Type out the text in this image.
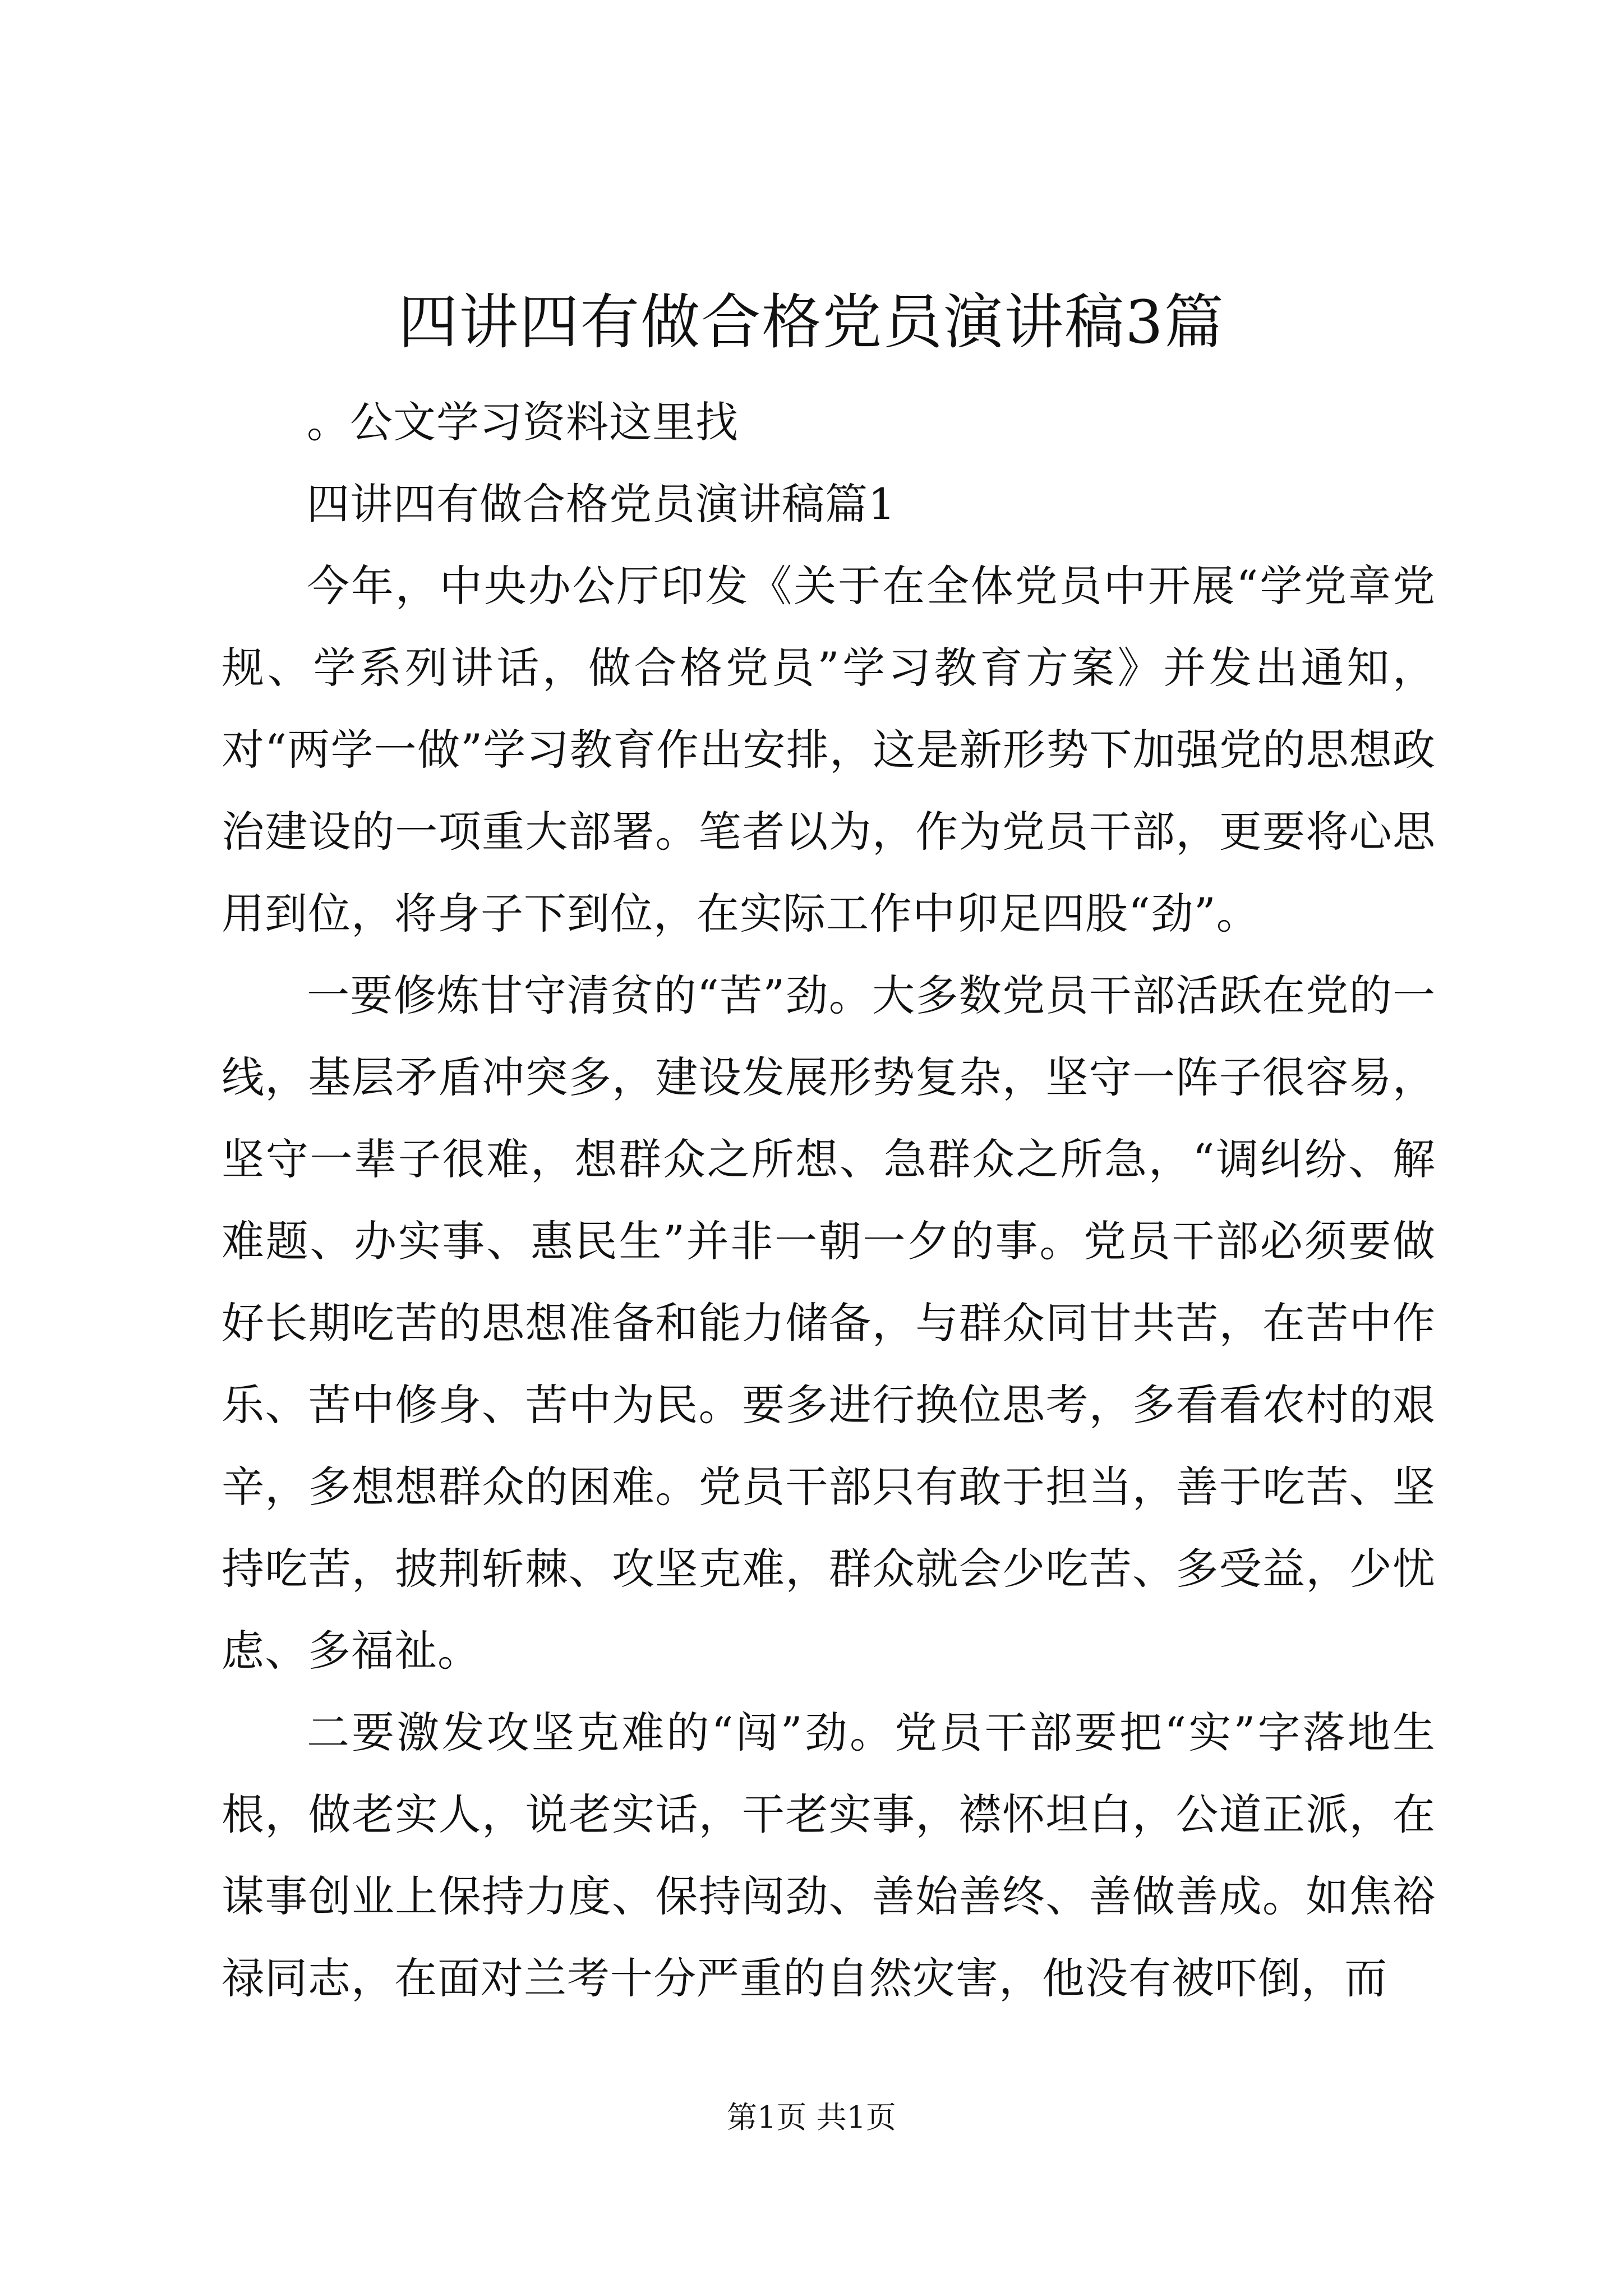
四讲四有做合格党员演讲稿3篇

。公文学习资料这里找

四讲四有做合格党员演讲稿篇1

今年，中央办公厅印发《关于在全体党员中开展“学党章党规、学系列讲话，做合格党员”学习教育方案》并发出通知，对“两学一做”学习教育作出安排，这是新形势下加强党的思想政治建设的一项重大部署。笔者以为，作为党员干部，更要将心思用到位，将身子下到位，在实际工作中卯足四股“劲”。

一要修炼甘守清贫的“苦”劲。大多数党员干部活跃在党的一线，基层矛盾冲突多，建设发展形势复杂，坚守一阵子很容易，坚守一辈子很难，想群众之所想、急群众之所急，“调纠纷、解难题、办实事、惠民生”并非一朝一夕的事。党员干部必须要做好长期吃苦的思想准备和能力储备，与群众同甘共苦，在苦中作乐、苦中修身、苦中为民。要多进行换位思考，多看看农村的艰辛，多想想群众的困难。党员干部只有敢于担当，善于吃苦、坚持吃苦，披荆斩棘、攻坚克难，群众就会少吃苦、多受益，少忧虑、多福祉。

二要激发攻坚克难的“闯”劲。党员干部要把“实”字落地生根，做老实人，说老实话，干老实事，襟怀坦白，公道正派，在谋事创业上保持力度、保持闯劲、善始善终、善做善成。如焦裕禄同志，在面对兰考十分严重的自然灾害，他没有被吓倒，而

第1页 共1页
